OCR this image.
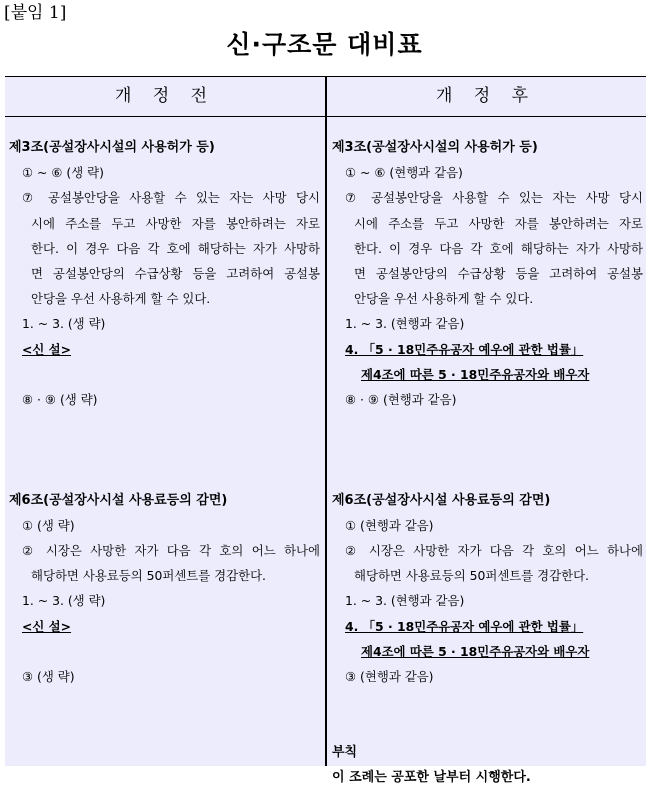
[붙임 1]
신·구조문 대비표
개 정 전	개 정 후
제3조(공설장사시설의 사용허가 등)
① ~ ⑥ (생 략)
⑦ 공설봉안당을 사용할 수 있는 자는 사망 당시
시에 주소를 두고 사망한 자를 봉안하려는 자로
한다. 이 경우 다음 각 호에 해당하는 자가 사망하
면 공설봉안당의 수급상황 등을 고려하여 공설봉
안당을 우선 사용하게 할 수 있다.
1. ~ 3. (생 략)
<신 설>
⑧ · ⑨ (생 략)
제6조(공설장사시설 사용료등의 감면)
① (생 략)
② 시장은 사망한 자가 다음 각 호의 어느 하나에
해당하면 사용료등의 50퍼센트를 경감한다.
1. ~ 3. (생 략)
<신 설>
③ (생 략)
제3조(공설장사시설의 사용허가 등)
① ~ ⑥ (현행과 같음)
⑦ 공설봉안당을 사용할 수 있는 자는 사망 당시
시에 주소를 두고 사망한 자를 봉안하려는 자로
한다. 이 경우 다음 각 호에 해당하는 자가 사망하
면 공설봉안당의 수급상황 등을 고려하여 공설봉
안당을 우선 사용하게 할 수 있다.
1. ~ 3. (현행과 같음)
4. 「5 · 18민주유공자 예우에 관한 법률」
제4조에 따른 5 · 18민주유공자와 배우자
⑧ · ⑨ (현행과 같음)
제6조(공설장사시설 사용료등의 감면)
① (현행과 같음)
② 시장은 사망한 자가 다음 각 호의 어느 하나에
해당하면 사용료등의 50퍼센트를 경감한다.
1. ~ 3. (현행과 같음)
4. 「5 · 18민주유공자 예우에 관한 법률」
제4조에 따른 5 · 18민주유공자와 배우자
③ (현행과 같음)
부칙
이 조례는 공포한 날부터 시행한다.
